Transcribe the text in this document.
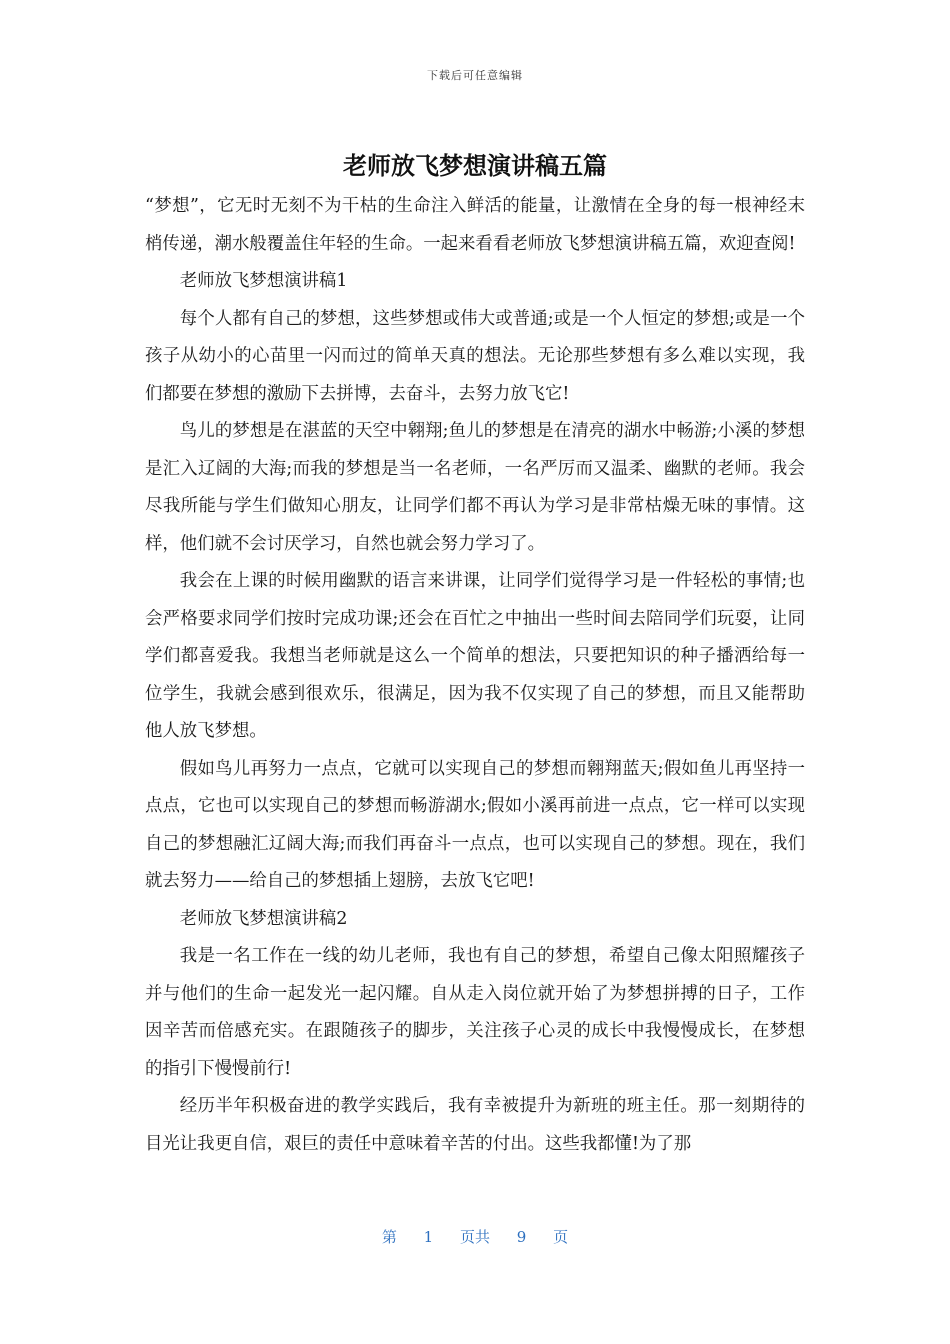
下载后可任意编辑
老师放飞梦想演讲稿五篇

“梦想”，它无时无刻不为干枯的生命注入鲜活的能量，让激情在全身的每一根神经末梢传递，潮水般覆盖住年轻的生命。一起来看看老师放飞梦想演讲稿五篇，欢迎查阅!

老师放飞梦想演讲稿1

每个人都有自己的梦想，这些梦想或伟大或普通;或是一个人恒定的梦想;或是一个孩子从幼小的心苗里一闪而过的简单天真的想法。无论那些梦想有多么难以实现，我们都要在梦想的激励下去拼博，去奋斗，去努力放飞它!

鸟儿的梦想是在湛蓝的天空中翱翔;鱼儿的梦想是在清亮的湖水中畅游;小溪的梦想是汇入辽阔的大海;而我的梦想是当一名老师，一名严厉而又温柔、幽默的老师。我会尽我所能与学生们做知心朋友，让同学们都不再认为学习是非常枯燥无味的事情。这样，他们就不会讨厌学习，自然也就会努力学习了。

我会在上课的时候用幽默的语言来讲课，让同学们觉得学习是一件轻松的事情;也会严格要求同学们按时完成功课;还会在百忙之中抽出一些时间去陪同学们玩耍，让同学们都喜爱我。我想当老师就是这么一个简单的想法，只要把知识的种子播洒给每一位学生，我就会感到很欢乐，很满足，因为我不仅实现了自己的梦想，而且又能帮助他人放飞梦想。

假如鸟儿再努力一点点，它就可以实现自己的梦想而翱翔蓝天;假如鱼儿再坚持一点点，它也可以实现自己的梦想而畅游湖水;假如小溪再前进一点点，它一样可以实现自己的梦想融汇辽阔大海;而我们再奋斗一点点，也可以实现自己的梦想。现在，我们就去努力——给自己的梦想插上翅膀，去放飞它吧!

老师放飞梦想演讲稿2

我是一名工作在一线的幼儿老师，我也有自己的梦想，希望自己像太阳照耀孩子并与他们的生命一起发光一起闪耀。自从走入岗位就开始了为梦想拼搏的日子，工作因辛苦而倍感充实。在跟随孩子的脚步，关注孩子心灵的成长中我慢慢成长，在梦想的指引下慢慢前行!

经历半年积极奋进的教学实践后，我有幸被提升为新班的班主任。那一刻期待的目光让我更自信，艰巨的责任中意味着辛苦的付出。这些我都懂!为了那

第 1 页共 9 页
